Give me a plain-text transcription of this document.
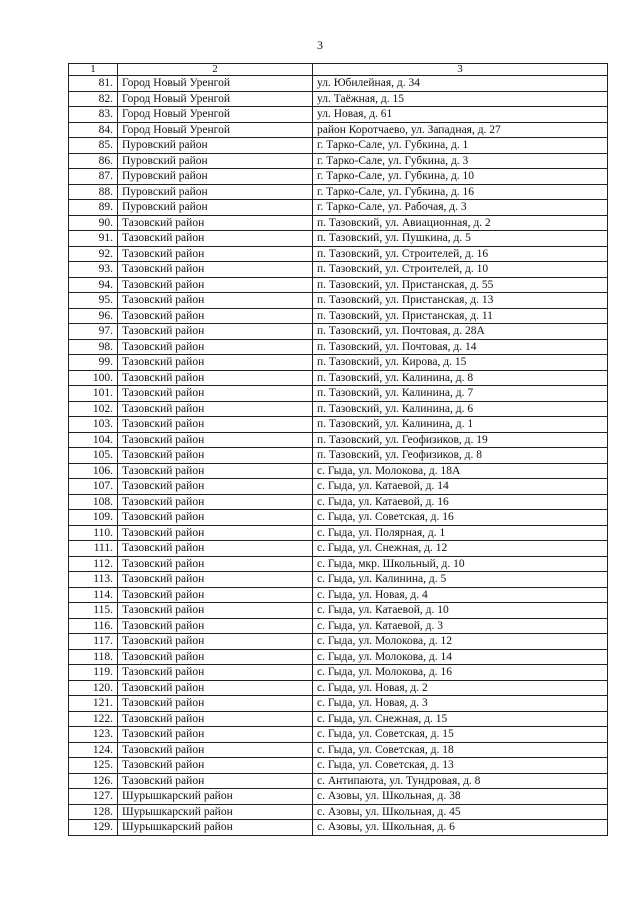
3
1	2	3
81.	Город Новый Уренгой	ул. Юбилейная, д. 34
82.	Город Новый Уренгой	ул. Таёжная, д. 15
83.	Город Новый Уренгой	ул. Новая, д. 61
84.	Город Новый Уренгой	район Коротчаево, ул. Западная, д. 27
85.	Пуровский район	г. Тарко-Сале, ул. Губкина, д. 1
86.	Пуровский район	г. Тарко-Сале, ул. Губкина, д. 3
87.	Пуровский район	г. Тарко-Сале, ул. Губкина, д. 10
88.	Пуровский район	г. Тарко-Сале, ул. Губкина, д. 16
89.	Пуровский район	г. Тарко-Сале, ул. Рабочая, д. 3
90.	Тазовский район	п. Тазовский, ул. Авиационная, д. 2
91.	Тазовский район	п. Тазовский, ул. Пушкина, д. 5
92.	Тазовский район	п. Тазовский, ул. Строителей, д. 16
93.	Тазовский район	п. Тазовский, ул. Строителей, д. 10
94.	Тазовский район	п. Тазовский, ул. Пристанская, д. 55
95.	Тазовский район	п. Тазовский, ул. Пристанская, д. 13
96.	Тазовский район	п. Тазовский, ул. Пристанская, д. 11
97.	Тазовский район	п. Тазовский, ул. Почтовая, д. 28А
98.	Тазовский район	п. Тазовский, ул. Почтовая, д. 14
99.	Тазовский район	п. Тазовский, ул. Кирова, д. 15
100.	Тазовский район	п. Тазовский, ул. Калинина, д. 8
101.	Тазовский район	п. Тазовский, ул. Калинина, д. 7
102.	Тазовский район	п. Тазовский, ул. Калинина, д. 6
103.	Тазовский район	п. Тазовский, ул. Калинина, д. 1
104.	Тазовский район	п. Тазовский, ул. Геофизиков, д. 19
105.	Тазовский район	п. Тазовский, ул. Геофизиков, д. 8
106.	Тазовский район	с. Гыда, ул. Молокова, д. 18А
107.	Тазовский район	с. Гыда, ул. Катаевой, д. 14
108.	Тазовский район	с. Гыда, ул. Катаевой, д. 16
109.	Тазовский район	с. Гыда, ул. Советская, д. 16
110.	Тазовский район	с. Гыда, ул. Полярная, д. 1
111.	Тазовский район	с. Гыда, ул. Снежная, д. 12
112.	Тазовский район	с. Гыда, мкр. Школьный, д. 10
113.	Тазовский район	с. Гыда, ул. Калинина, д. 5
114.	Тазовский район	с. Гыда, ул. Новая, д. 4
115.	Тазовский район	с. Гыда, ул. Катаевой, д. 10
116.	Тазовский район	с. Гыда, ул. Катаевой, д. 3
117.	Тазовский район	с. Гыда, ул. Молокова, д. 12
118.	Тазовский район	с. Гыда, ул. Молокова, д. 14
119.	Тазовский район	с. Гыда, ул. Молокова, д. 16
120.	Тазовский район	с. Гыда, ул. Новая, д. 2
121.	Тазовский район	с. Гыда, ул. Новая, д. 3
122.	Тазовский район	с. Гыда, ул. Снежная, д. 15
123.	Тазовский район	с. Гыда, ул. Советская, д. 15
124.	Тазовский район	с. Гыда, ул. Советская, д. 18
125.	Тазовский район	с. Гыда, ул. Советская, д. 13
126.	Тазовский район	с. Антипаюта, ул. Тундровая, д. 8
127.	Шурышкарский район	с. Азовы, ул. Школьная, д. 38
128.	Шурышкарский район	с. Азовы, ул. Школьная, д. 45
129.	Шурышкарский район	с. Азовы, ул. Школьная, д. 6
